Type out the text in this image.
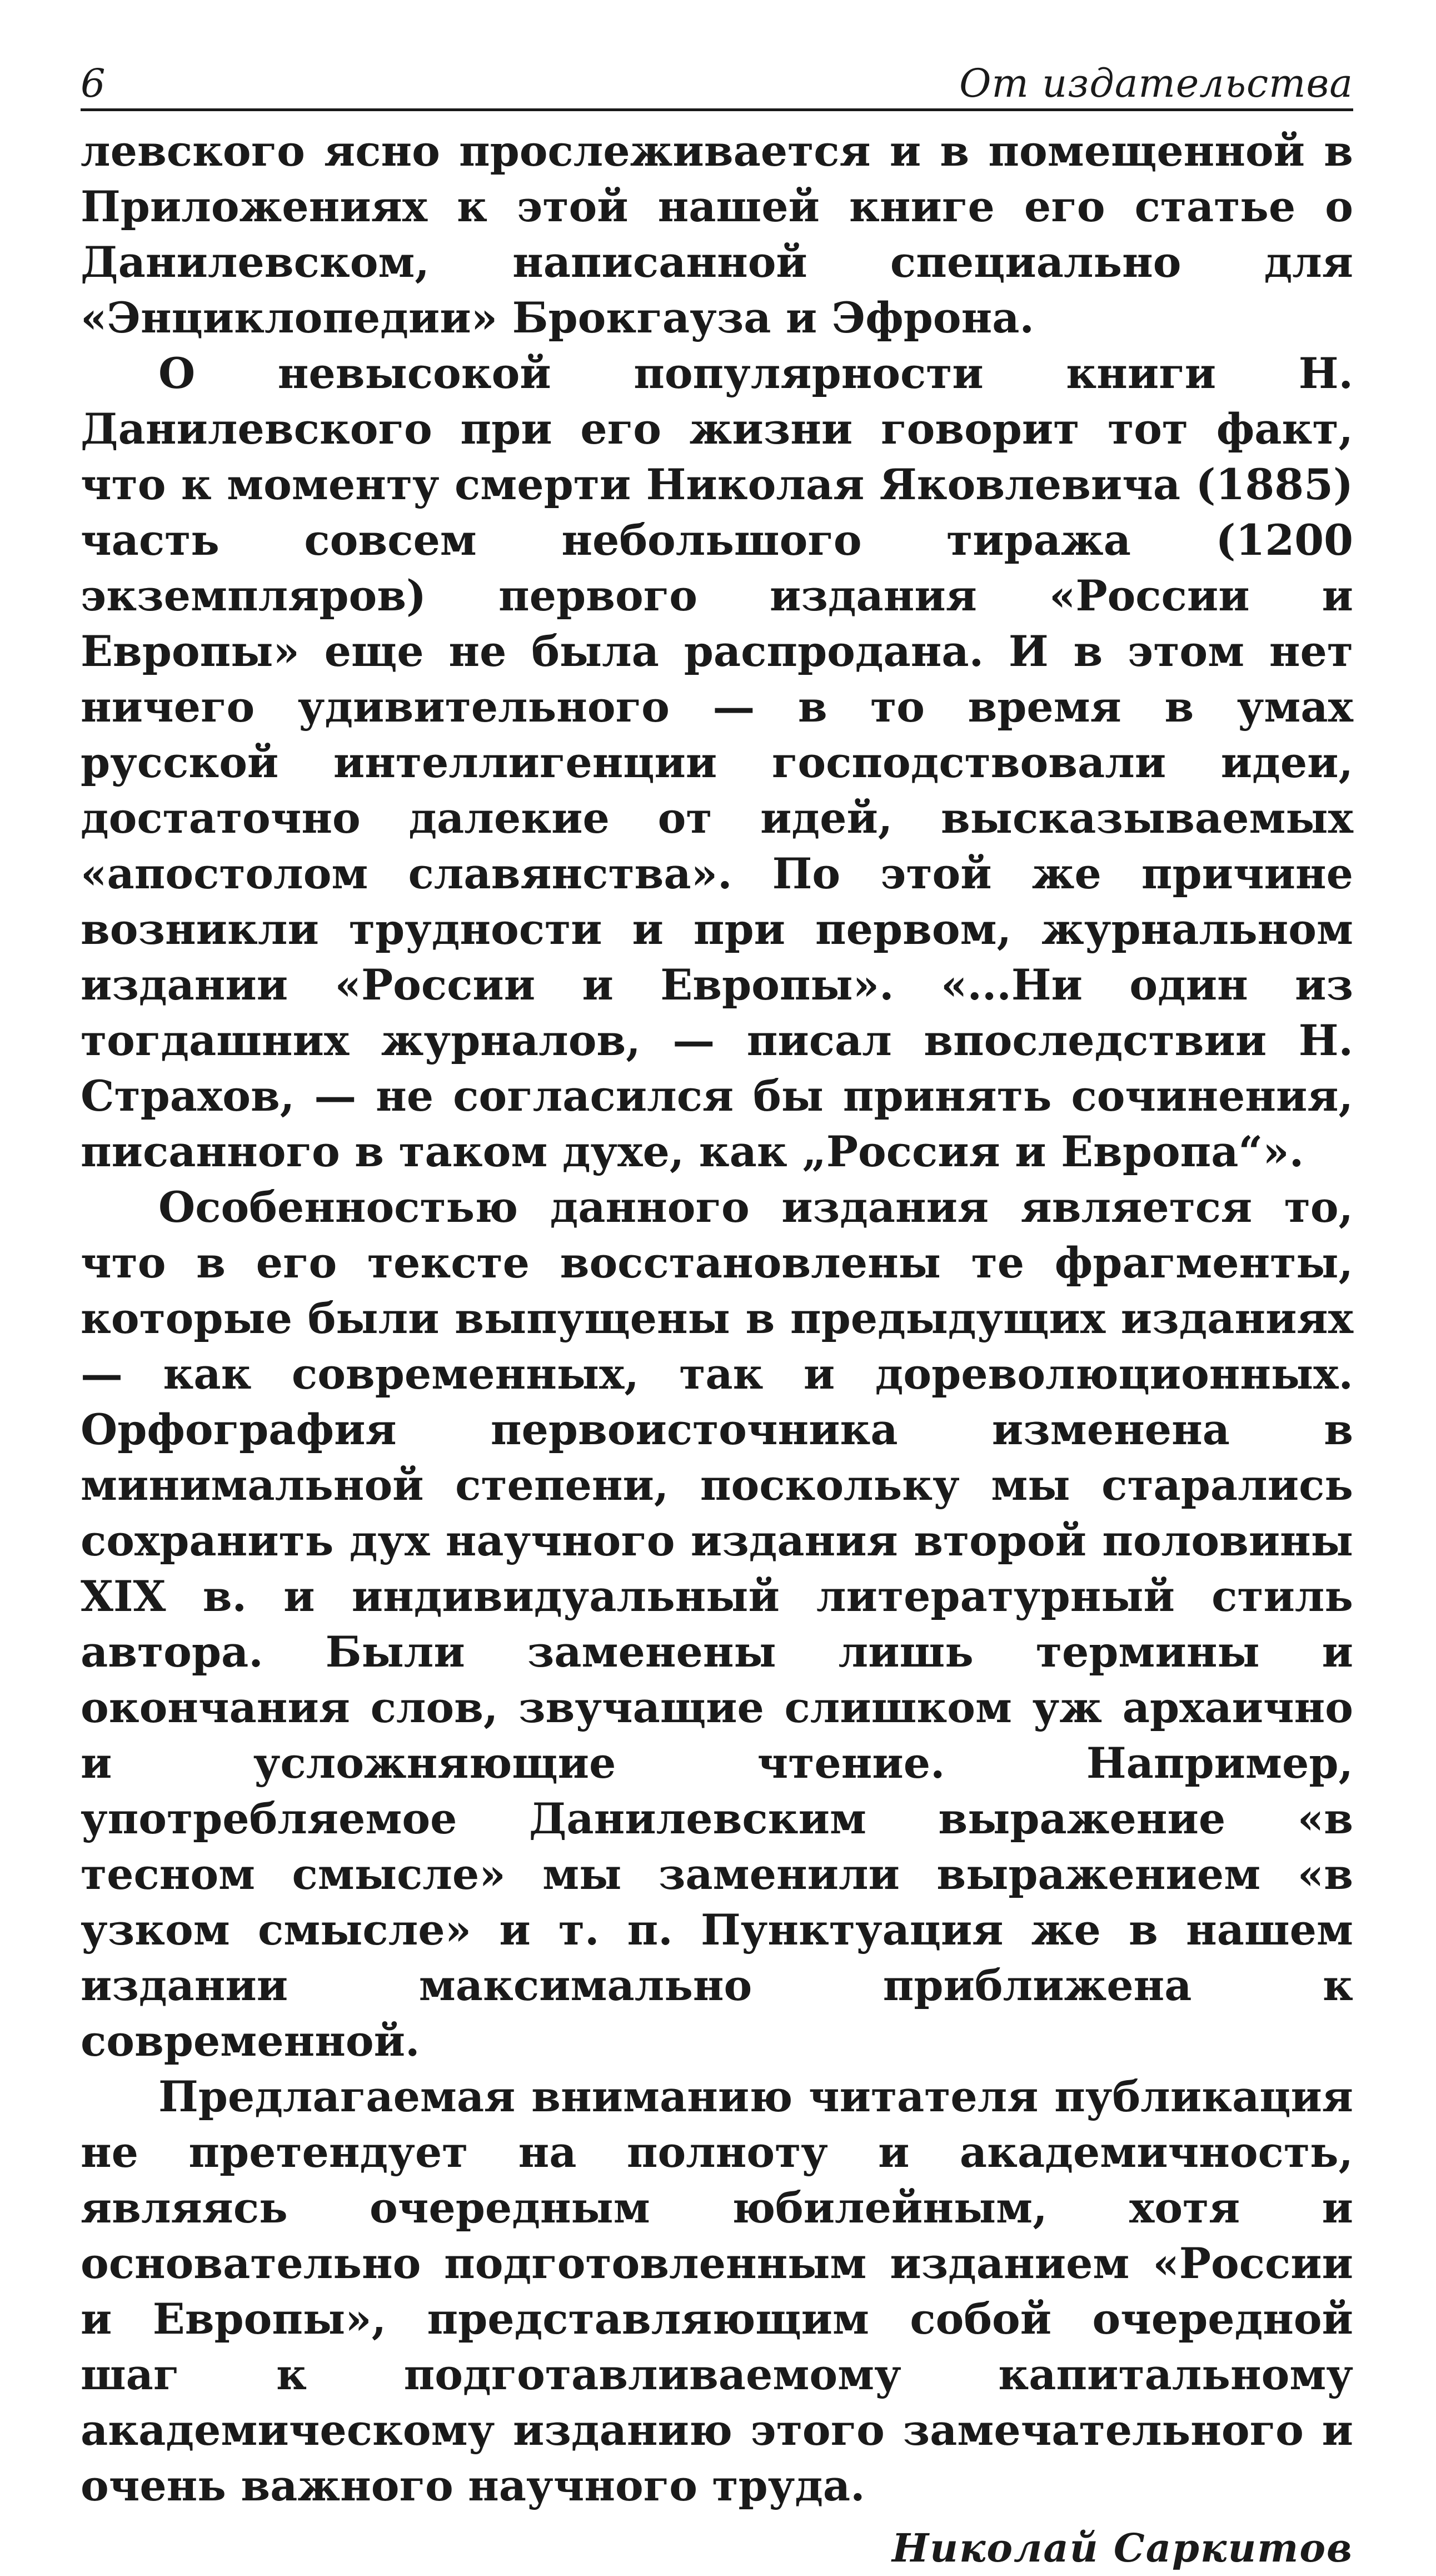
6	От издательства

левского ясно прослеживается и в помещенной в Приложениях к этой нашей книге его статье о Данилевском, написанной специально для «Энциклопедии» Брокгауза и Эфрона.

О невысокой популярности книги Н. Данилевского при его жизни говорит тот факт, что к моменту смерти Николая Яковлевича (1885) часть совсем небольшого тиража (1200 экземпляров) первого издания «России и Европы» еще не была распродана. И в этом нет ничего удивительного — в то время в умах русской интеллигенции господствовали идеи, достаточно далекие от идей, высказываемых «апостолом славянства». По этой же причине возникли трудности и при первом, журнальном издании «России и Европы». «...Ни один из тогдашних журналов, — писал впоследствии Н. Страхов, — не согласился бы принять сочинения, писанного в таком духе, как „Россия и Европа“».

Особенностью данного издания является то, что в его тексте восстановлены те фрагменты, которые были выпущены в предыдущих изданиях — как современных, так и дореволюционных. Орфография первоисточника изменена в минимальной степени, поскольку мы старались сохранить дух научного издания второй половины XIX в. и индивидуальный литературный стиль автора. Были заменены лишь термины и окончания слов, звучащие слишком уж архаично и усложняющие чтение. Например, употребляемое Данилевским выражение «в тесном смысле» мы заменили выражением «в узком смысле» и т. п. Пунктуация же в нашем издании максимально приближена к современной.

Предлагаемая вниманию читателя публикация не претендует на полноту и академичность, являясь очередным юбилейным, хотя и основательно подготовленным изданием «России и Европы», представляющим собой очередной шаг к подготавливаемому капитальному академическому изданию этого замечательного и очень важного научного труда.

Николай Саркитов
